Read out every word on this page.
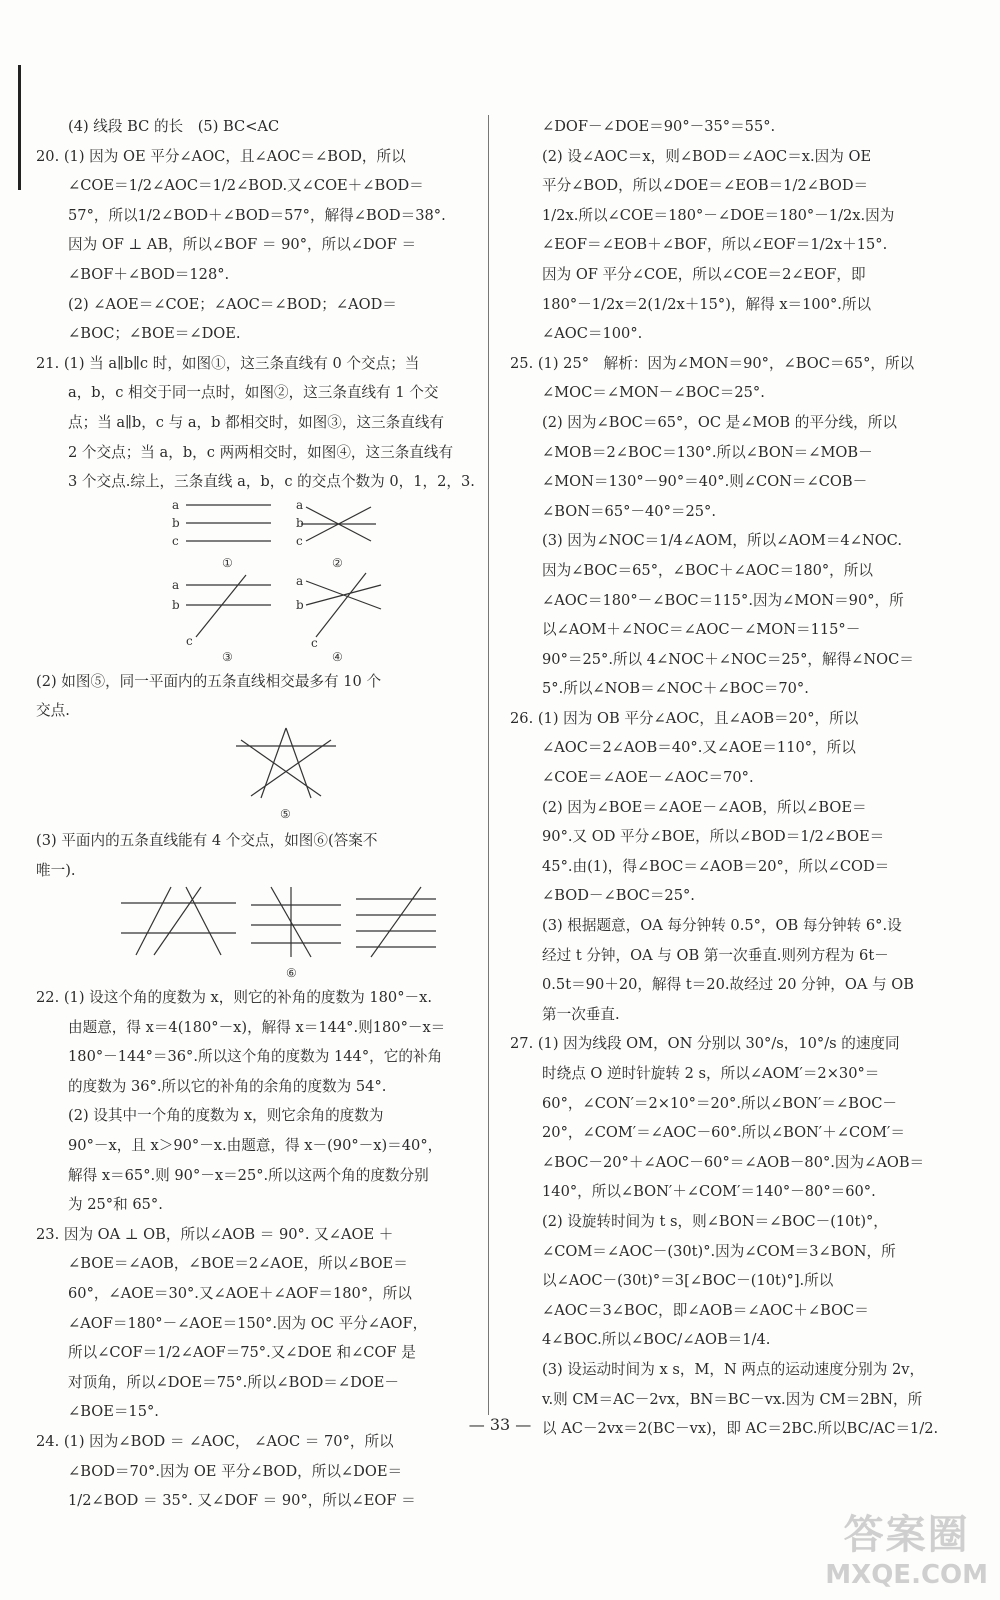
(4) 线段 BC 的长　(5) BC<AC
20. (1) 因为 OE 平分∠AOC，且∠AOC＝∠BOD，所以
∠COE＝1/2∠AOC＝1/2∠BOD.又∠COE＋∠BOD＝
57°，所以1/2∠BOD＋∠BOD＝57°，解得∠BOD＝38°.
因为 OF ⊥ AB，所以∠BOF ＝ 90°，所以∠DOF ＝
∠BOF＋∠BOD＝128°.
(2) ∠AOE＝∠COE；∠AOC＝∠BOD；∠AOD＝
∠BOC；∠BOE＝∠DOE.
21. (1) 当 a∥b∥c 时，如图①，这三条直线有 0 个交点；当
a，b，c 相交于同一点时，如图②，这三条直线有 1 个交
点；当 a∥b，c 与 a，b 都相交时，如图③，这三条直线有
2 个交点；当 a，b，c 两两相交时，如图④，这三条直线有
3 个交点.综上，三条直线 a，b，c 的交点个数为 0，1，2，3.
a
b
c
①
a
b
c
②
a
b
c
③
a
b
c
④
(2) 如图⑤，同一平面内的五条直线相交最多有 10 个
交点.
⑤
(3) 平面内的五条直线能有 4 个交点，如图⑥(答案不
唯一).
⑥
22. (1) 设这个角的度数为 x，则它的补角的度数为 180°－x.
由题意，得 x＝4(180°－x)，解得 x＝144°.则180°－x＝
180°－144°＝36°.所以这个角的度数为 144°，它的补角
的度数为 36°.所以它的补角的余角的度数为 54°.
(2) 设其中一个角的度数为 x，则它余角的度数为
90°－x，且 x＞90°－x.由题意，得 x－(90°－x)＝40°，
解得 x＝65°.则 90°－x＝25°.所以这两个角的度数分别
为 25°和 65°.
23. 因为 OA ⊥ OB，所以∠AOB ＝ 90°. 又∠AOE ＋
∠BOE＝∠AOB，∠BOE＝2∠AOE，所以∠BOE＝
60°，∠AOE＝30°.又∠AOE＋∠AOF＝180°，所以
∠AOF＝180°－∠AOE＝150°.因为 OC 平分∠AOF，
所以∠COF＝1/2∠AOF＝75°.又∠DOE 和∠COF 是
对顶角，所以∠DOE＝75°.所以∠BOD＝∠DOE－
∠BOE＝15°.
24. (1) 因为∠BOD ＝ ∠AOC， ∠AOC ＝ 70°，所以
∠BOD＝70°.因为 OE 平分∠BOD，所以∠DOE＝
1/2∠BOD ＝ 35°. 又∠DOF ＝ 90°，所以∠EOF ＝
∠DOF－∠DOE＝90°－35°＝55°.
(2) 设∠AOC＝x，则∠BOD＝∠AOC＝x.因为 OE
平分∠BOD，所以∠DOE＝∠EOB＝1/2∠BOD＝
1/2x.所以∠COE＝180°－∠DOE＝180°－1/2x.因为
∠EOF＝∠EOB＋∠BOF，所以∠EOF＝1/2x＋15°.
因为 OF 平分∠COE，所以∠COE＝2∠EOF，即
180°－1/2x＝2(1/2x＋15°)，解得 x＝100°.所以
∠AOC＝100°.
25. (1) 25°　解析：因为∠MON＝90°，∠BOC＝65°，所以
∠MOC＝∠MON－∠BOC＝25°.
(2) 因为∠BOC＝65°，OC 是∠MOB 的平分线，所以
∠MOB＝2∠BOC＝130°.所以∠BON＝∠MOB－
∠MON＝130°－90°＝40°.则∠CON＝∠COB－
∠BON＝65°－40°＝25°.
(3) 因为∠NOC＝1/4∠AOM，所以∠AOM＝4∠NOC.
因为∠BOC＝65°，∠BOC＋∠AOC＝180°，所以
∠AOC＝180°－∠BOC＝115°.因为∠MON＝90°，所
以∠AOM＋∠NOC＝∠AOC－∠MON＝115°－
90°＝25°.所以 4∠NOC＋∠NOC＝25°，解得∠NOC＝
5°.所以∠NOB＝∠NOC＋∠BOC＝70°.
26. (1) 因为 OB 平分∠AOC，且∠AOB＝20°，所以
∠AOC＝2∠AOB＝40°.又∠AOE＝110°，所以
∠COE＝∠AOE－∠AOC＝70°.
(2) 因为∠BOE＝∠AOE－∠AOB，所以∠BOE＝
90°.又 OD 平分∠BOE，所以∠BOD＝1/2∠BOE＝
45°.由(1)，得∠BOC＝∠AOB＝20°，所以∠COD＝
∠BOD－∠BOC＝25°.
(3) 根据题意，OA 每分钟转 0.5°，OB 每分钟转 6°.设
经过 t 分钟，OA 与 OB 第一次垂直.则列方程为 6t－
0.5t＝90＋20，解得 t＝20.故经过 20 分钟，OA 与 OB
第一次垂直.
27. (1) 因为线段 OM，ON 分别以 30°/s，10°/s 的速度同
时绕点 O 逆时针旋转 2 s，所以∠AOM′＝2×30°＝
60°，∠CON′＝2×10°＝20°.所以∠BON′＝∠BOC－
20°，∠COM′＝∠AOC－60°.所以∠BON′＋∠COM′＝
∠BOC－20°＋∠AOC－60°＝∠AOB－80°.因为∠AOB＝
140°，所以∠BON′＋∠COM′＝140°－80°＝60°.
(2) 设旋转时间为 t s，则∠BON＝∠BOC－(10t)°，
∠COM＝∠AOC－(30t)°.因为∠COM＝3∠BON，所
以∠AOC－(30t)°＝3[∠BOC－(10t)°].所以
∠AOC＝3∠BOC，即∠AOB＝∠AOC＋∠BOC＝
4∠BOC.所以∠BOC/∠AOB＝1/4.
(3) 设运动时间为 x s，M，N 两点的运动速度分别为 2v，
v.则 CM＝AC－2vx，BN＝BC－vx.因为 CM＝2BN，所
以 AC－2vx＝2(BC－vx)，即 AC＝2BC.所以BC/AC＝1/2.
— 33 —
答案圈
MXQE.COM
